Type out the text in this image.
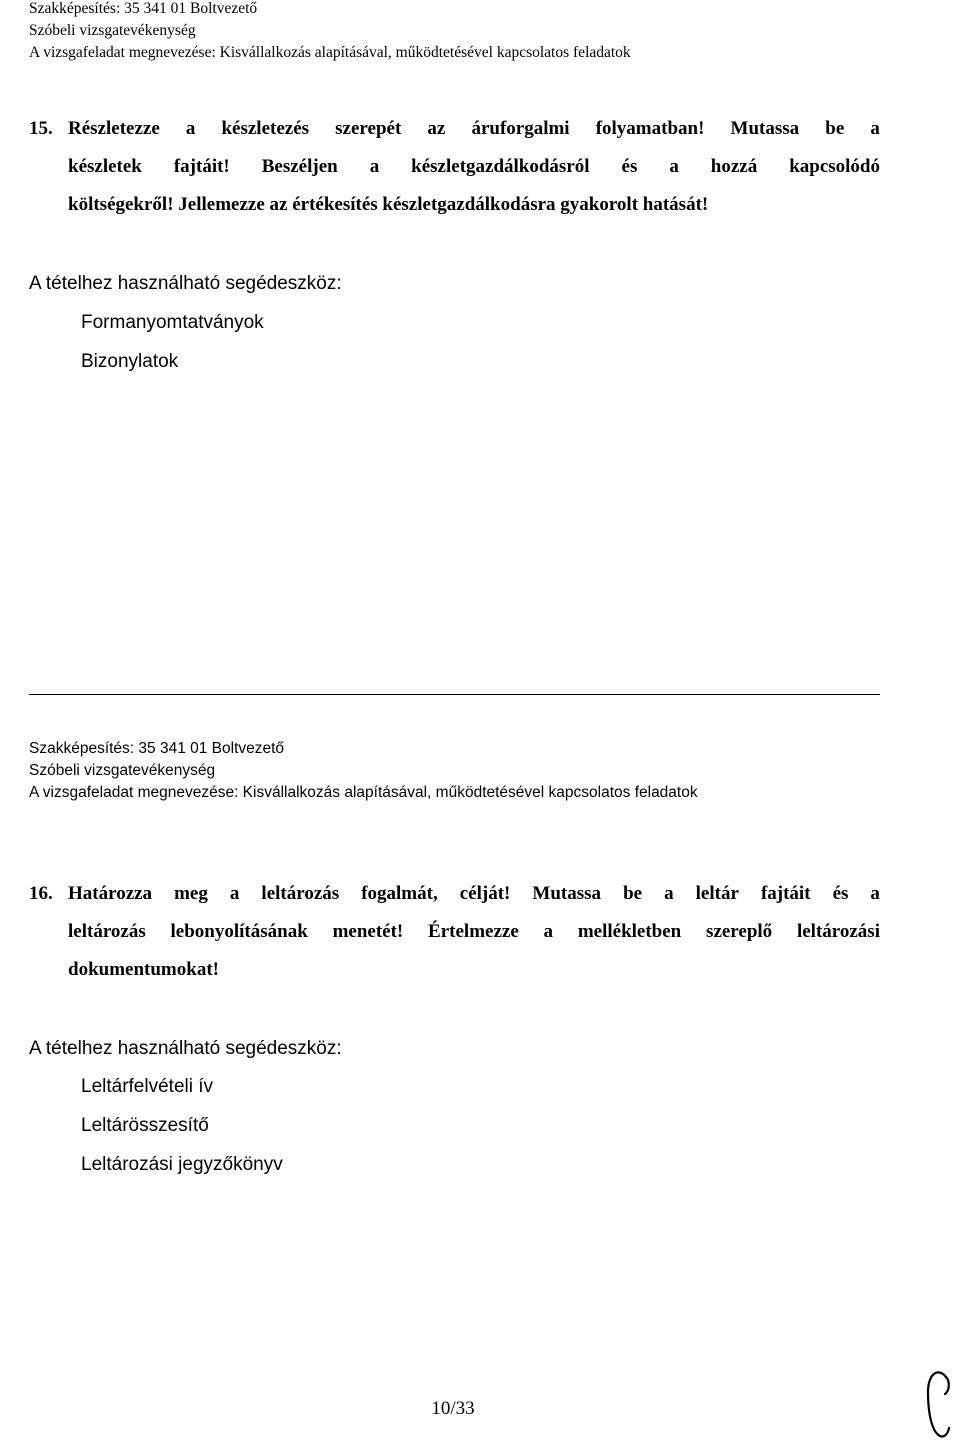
Szakképesítés: 35 341 01 Boltvezető
Szóbeli vizsgatevékenység
A vizsgafeladat megnevezése: Kisvállalkozás alapításával, működtetésével kapcsolatos feladatok
15. Részletezze a készletezés szerepét az áruforgalmi folyamatban! Mutassa be a
készletek fajtáit! Beszéljen a készletgazdálkodásról és a hozzá kapcsolódó
költségekről! Jellemezze az értékesítés készletgazdálkodásra gyakorolt hatását!
A tételhez használható segédeszköz:
Formanyomtatványok
Bizonylatok
Szakképesítés: 35 341 01 Boltvezető
Szóbeli vizsgatevékenység
A vizsgafeladat megnevezése: Kisvállalkozás alapításával, működtetésével kapcsolatos feladatok
16. Határozza meg a leltározás fogalmát, célját! Mutassa be a leltár fajtáit és a
leltározás lebonyolításának menetét! Értelmezze a mellékletben szereplő leltározási
dokumentumokat!
A tételhez használható segédeszköz:
Leltárfelvételi ív
Leltárösszesítő
Leltározási jegyzőkönyv
10/33
